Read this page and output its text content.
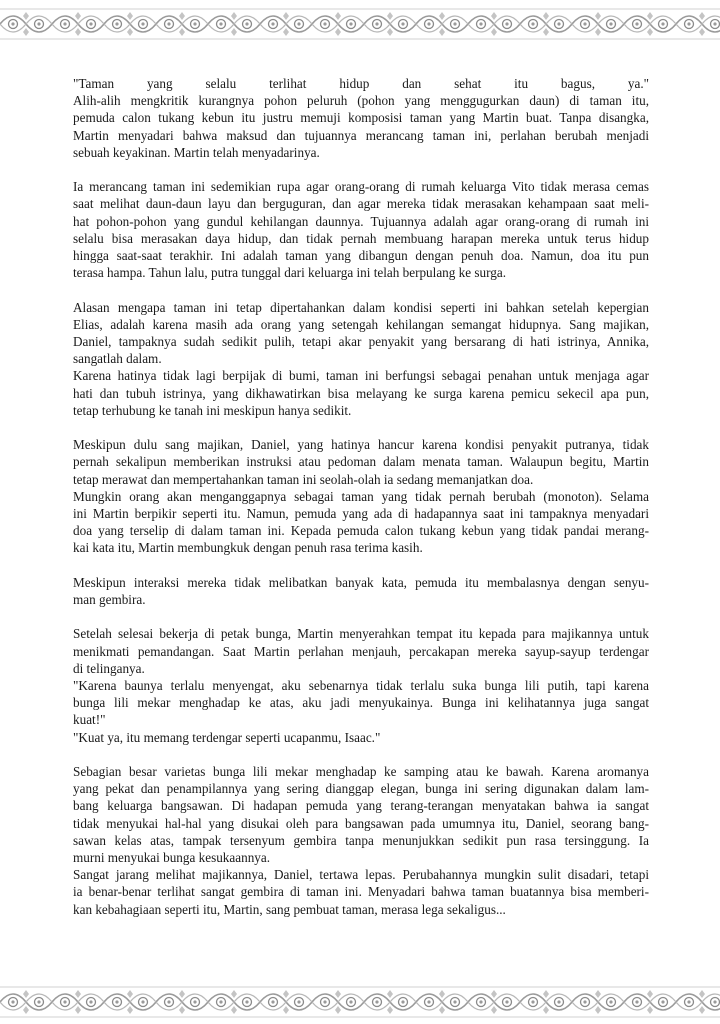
"Taman yang selalu terlihat hidup dan sehat itu bagus, ya."
Alih-alih mengkritik kurangnya pohon peluruh (pohon yang menggugurkan daun) di taman itu,
pemuda calon tukang kebun itu justru memuji komposisi taman yang Martin buat. Tanpa disangka,
Martin menyadari bahwa maksud dan tujuannya merancang taman ini, perlahan berubah menjadi
sebuah keyakinan. Martin telah menyadarinya.
Ia merancang taman ini sedemikian rupa agar orang-orang di rumah keluarga Vito tidak merasa cemas
saat melihat daun-daun layu dan berguguran, dan agar mereka tidak merasakan kehampaan saat meli-
hat pohon-pohon yang gundul kehilangan daunnya. Tujuannya adalah agar orang-orang di rumah ini
selalu bisa merasakan daya hidup, dan tidak pernah membuang harapan mereka untuk terus hidup
hingga saat-saat terakhir. Ini adalah taman yang dibangun dengan penuh doa. Namun, doa itu pun
terasa hampa. Tahun lalu, putra tunggal dari keluarga ini telah berpulang ke surga.
Alasan mengapa taman ini tetap dipertahankan dalam kondisi seperti ini bahkan setelah kepergian
Elias, adalah karena masih ada orang yang setengah kehilangan semangat hidupnya. Sang majikan,
Daniel, tampaknya sudah sedikit pulih, tetapi akar penyakit yang bersarang di hati istrinya, Annika,
sangatlah dalam.
Karena hatinya tidak lagi berpijak di bumi, taman ini berfungsi sebagai penahan untuk menjaga agar
hati dan tubuh istrinya, yang dikhawatirkan bisa melayang ke surga karena pemicu sekecil apa pun,
tetap terhubung ke tanah ini meskipun hanya sedikit.
Meskipun dulu sang majikan, Daniel, yang hatinya hancur karena kondisi penyakit putranya, tidak
pernah sekalipun memberikan instruksi atau pedoman dalam menata taman. Walaupun begitu, Martin
tetap merawat dan mempertahankan taman ini seolah-olah ia sedang memanjatkan doa.
Mungkin orang akan menganggapnya sebagai taman yang tidak pernah berubah (monoton). Selama
ini Martin berpikir seperti itu. Namun, pemuda yang ada di hadapannya saat ini tampaknya menyadari
doa yang terselip di dalam taman ini. Kepada pemuda calon tukang kebun yang tidak pandai merang-
kai kata itu, Martin membungkuk dengan penuh rasa terima kasih.
Meskipun interaksi mereka tidak melibatkan banyak kata, pemuda itu membalasnya dengan senyu-
man gembira.
Setelah selesai bekerja di petak bunga, Martin menyerahkan tempat itu kepada para majikannya untuk
menikmati pemandangan. Saat Martin perlahan menjauh, percakapan mereka sayup-sayup terdengar
di telinganya.
"Karena baunya terlalu menyengat, aku sebenarnya tidak terlalu suka bunga lili putih, tapi karena
bunga lili mekar menghadap ke atas, aku jadi menyukainya. Bunga ini kelihatannya juga sangat
kuat!"
"Kuat ya, itu memang terdengar seperti ucapanmu, Isaac."
Sebagian besar varietas bunga lili mekar menghadap ke samping atau ke bawah. Karena aromanya
yang pekat dan penampilannya yang sering dianggap elegan, bunga ini sering digunakan dalam lam-
bang keluarga bangsawan. Di hadapan pemuda yang terang-terangan menyatakan bahwa ia sangat
tidak menyukai hal-hal yang disukai oleh para bangsawan pada umumnya itu, Daniel, seorang bang-
sawan kelas atas, tampak tersenyum gembira tanpa menunjukkan sedikit pun rasa tersinggung. Ia
murni menyukai bunga kesukaannya.
Sangat jarang melihat majikannya, Daniel, tertawa lepas. Perubahannya mungkin sulit disadari, tetapi
ia benar-benar terlihat sangat gembira di taman ini. Menyadari bahwa taman buatannya bisa memberi-
kan kebahagiaan seperti itu, Martin, sang pembuat taman, merasa lega sekaligus...
